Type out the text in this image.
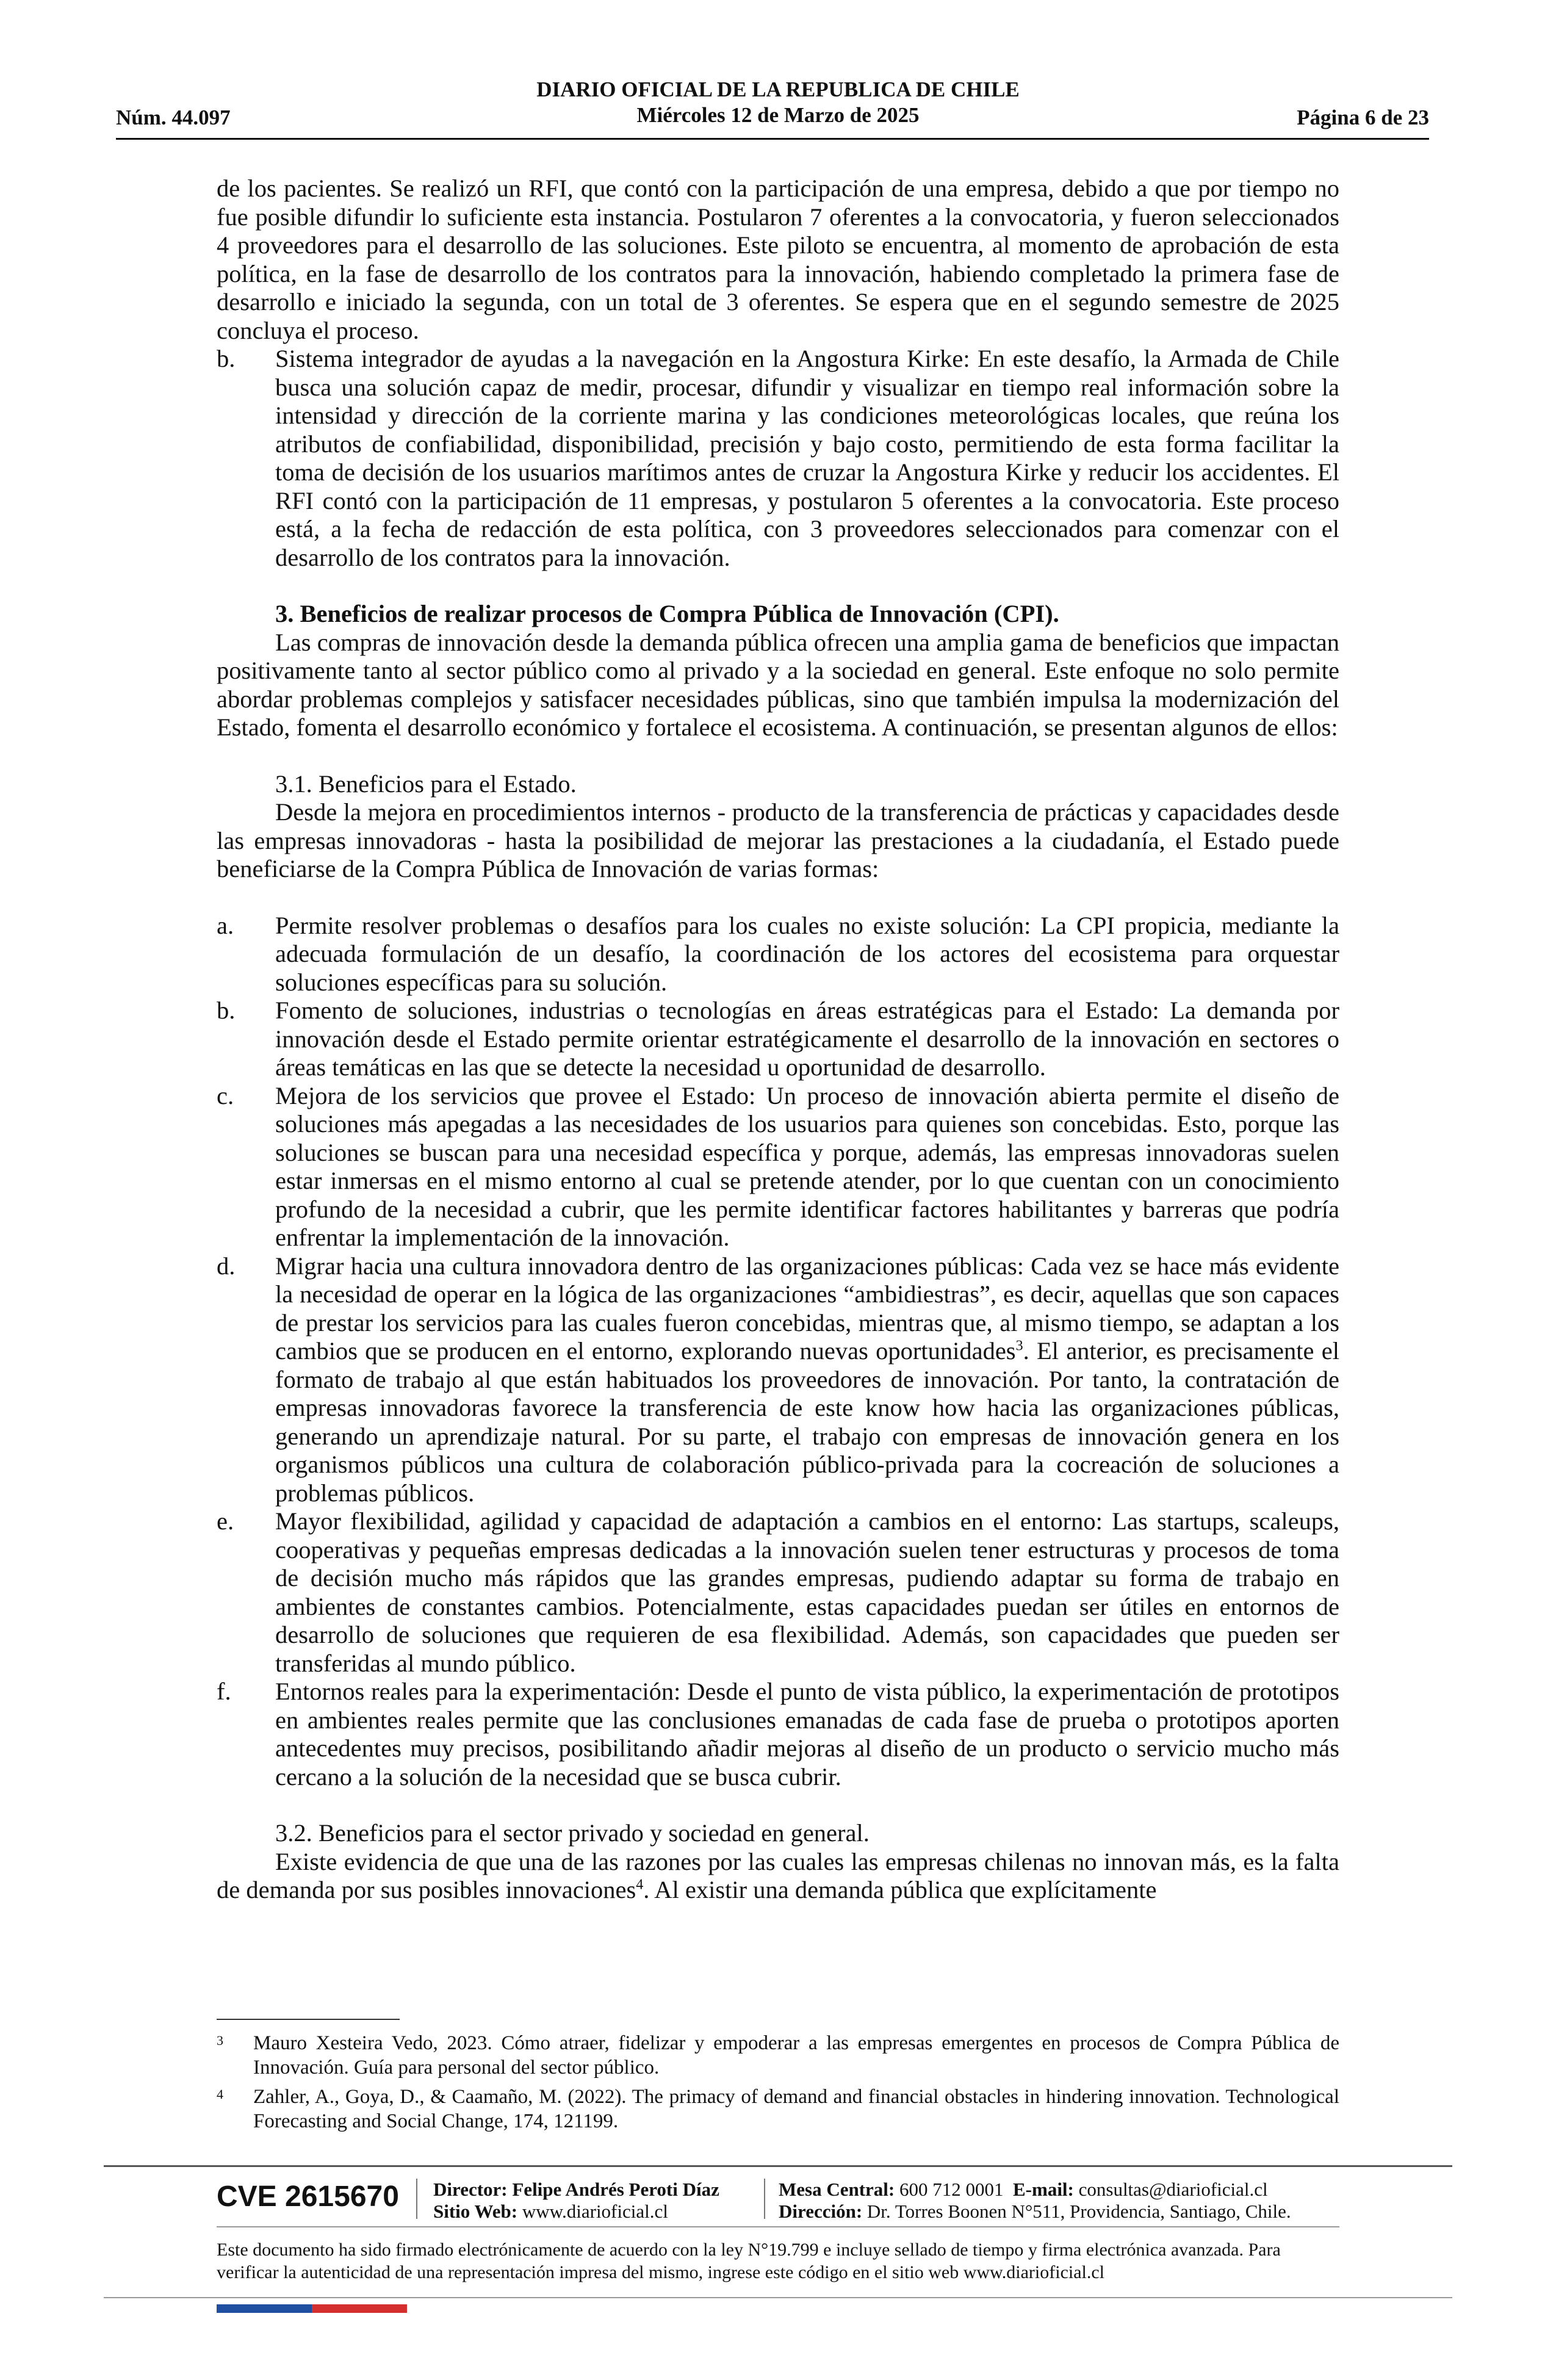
Núm. 44.097
DIARIO OFICIAL DE LA REPUBLICA DE CHILE
Miércoles 12 de Marzo de 2025	Página 6 de 23

de los pacientes. Se realizó un RFI, que contó con la participación de una empresa, debido a que por tiempo no fue posible difundir lo suficiente esta instancia. Postularon 7 oferentes a la convocatoria, y fueron seleccionados 4 proveedores para el desarrollo de las soluciones. Este piloto se encuentra, al momento de aprobación de esta política, en la fase de desarrollo de los contratos para la innovación, habiendo completado la primera fase de desarrollo e iniciado la segunda, con un total de 3 oferentes. Se espera que en el segundo semestre de 2025 concluya el proceso.

b. Sistema integrador de ayudas a la navegación en la Angostura Kirke: En este desafío, la Armada de Chile busca una solución capaz de medir, procesar, difundir y visualizar en tiempo real información sobre la intensidad y dirección de la corriente marina y las condiciones meteorológicas locales, que reúna los atributos de confiabilidad, disponibilidad, precisión y bajo costo, permitiendo de esta forma facilitar la toma de decisión de los usuarios marítimos antes de cruzar la Angostura Kirke y reducir los accidentes. El RFI contó con la participación de 11 empresas, y postularon 5 oferentes a la convocatoria. Este proceso está, a la fecha de redacción de esta política, con 3 proveedores seleccionados para comenzar con el desarrollo de los contratos para la innovación.

3. Beneficios de realizar procesos de Compra Pública de Innovación (CPI).

Las compras de innovación desde la demanda pública ofrecen una amplia gama de beneficios que impactan positivamente tanto al sector público como al privado y a la sociedad en general. Este enfoque no solo permite abordar problemas complejos y satisfacer necesidades públicas, sino que también impulsa la modernización del Estado, fomenta el desarrollo económico y fortalece el ecosistema. A continuación, se presentan algunos de ellos:

3.1. Beneficios para el Estado.

Desde la mejora en procedimientos internos - producto de la transferencia de prácticas y capacidades desde las empresas innovadoras - hasta la posibilidad de mejorar las prestaciones a la ciudadanía, el Estado puede beneficiarse de la Compra Pública de Innovación de varias formas:

a. Permite resolver problemas o desafíos para los cuales no existe solución: La CPI propicia, mediante la adecuada formulación de un desafío, la coordinación de los actores del ecosistema para orquestar soluciones específicas para su solución.

b. Fomento de soluciones, industrias o tecnologías en áreas estratégicas para el Estado: La demanda por innovación desde el Estado permite orientar estratégicamente el desarrollo de la innovación en sectores o áreas temáticas en las que se detecte la necesidad u oportunidad de desarrollo.

c. Mejora de los servicios que provee el Estado: Un proceso de innovación abierta permite el diseño de soluciones más apegadas a las necesidades de los usuarios para quienes son concebidas. Esto, porque las soluciones se buscan para una necesidad específica y porque, además, las empresas innovadoras suelen estar inmersas en el mismo entorno al cual se pretende atender, por lo que cuentan con un conocimiento profundo de la necesidad a cubrir, que les permite identificar factores habilitantes y barreras que podría enfrentar la implementación de la innovación.

d. Migrar hacia una cultura innovadora dentro de las organizaciones públicas: Cada vez se hace más evidente la necesidad de operar en la lógica de las organizaciones “ambidiestras”, es decir, aquellas que son capaces de prestar los servicios para las cuales fueron concebidas, mientras que, al mismo tiempo, se adaptan a los cambios que se producen en el entorno, explorando nuevas oportunidades$^3$. El anterior, es precisamente el formato de trabajo al que están habituados los proveedores de innovación. Por tanto, la contratación de empresas innovadoras favorece la transferencia de este know how hacia las organizaciones públicas, generando un aprendizaje natural. Por su parte, el trabajo con empresas de innovación genera en los organismos públicos una cultura de colaboración público-privada para la cocreación de soluciones a problemas públicos.

e. Mayor flexibilidad, agilidad y capacidad de adaptación a cambios en el entorno: Las startups, scaleups, cooperativas y pequeñas empresas dedicadas a la innovación suelen tener estructuras y procesos de toma de decisión mucho más rápidos que las grandes empresas, pudiendo adaptar su forma de trabajo en ambientes de constantes cambios. Potencialmente, estas capacidades puedan ser útiles en entornos de desarrollo de soluciones que requieren de esa flexibilidad. Además, son capacidades que pueden ser transferidas al mundo público.

f. Entornos reales para la experimentación: Desde el punto de vista público, la experimentación de prototipos en ambientes reales permite que las conclusiones emanadas de cada fase de prueba o prototipos aporten antecedentes muy precisos, posibilitando añadir mejoras al diseño de un producto o servicio mucho más cercano a la solución de la necesidad que se busca cubrir.

3.2. Beneficios para el sector privado y sociedad en general.

Existe evidencia de que una de las razones por las cuales las empresas chilenas no innovan más, es la falta de demanda por sus posibles innovaciones$^4$. Al existir una demanda pública que explícitamente

3 Mauro Xesteira Vedo, 2023. Cómo atraer, fidelizar y empoderar a las empresas emergentes en procesos de Compra Pública de Innovación. Guía para personal del sector público.
4 Zahler, A., Goya, D., & Caamaño, M. (2022). The primacy of demand and financial obstacles in hindering innovation. Technological Forecasting and Social Change, 174, 121199.
CVE 2615670 Director: Felipe Andrés Peroti Díaz
Sitio Web: www.diarioficial.cl
Mesa Central: 600 712 0001 E-mail: consultas@diarioficial.cl
Dirección: Dr. Torres Boonen N°511, Providencia, Santiago, Chile.
Este documento ha sido firmado electrónicamente de acuerdo con la ley N°19.799 e incluye sellado de tiempo y firma electrónica avanzada. Para verificar la autenticidad de una representación impresa del mismo, ingrese este código en el sitio web www.diarioficial.cl
